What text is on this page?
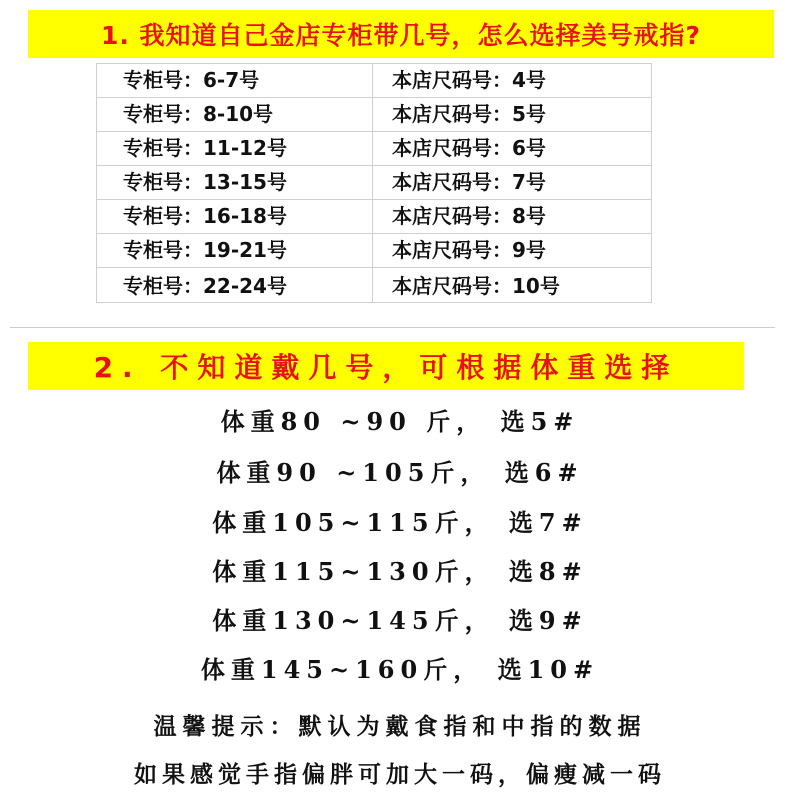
1. 我知道自己金店专柜带几号，怎么选择美号戒指?
专柜号：6-7号	本店尺码号：4号
专柜号：8-10号	本店尺码号：5号
专柜号：11-12号	本店尺码号：6号
专柜号：13-15号	本店尺码号：7号
专柜号：16-18号	本店尺码号：8号
专柜号：19-21号	本店尺码号：9号
专柜号：22-24号	本店尺码号：10号
2. 不知道戴几号，可根据体重选择
体重80 ~90 斤， 选5#
体重90 ~105斤， 选6#
体重105~115斤， 选7#
体重115~130斤， 选8#
体重130~145斤， 选9#
体重145~160斤， 选10#
温馨提示：默认为戴食指和中指的数据
如果感觉手指偏胖可加大一码，偏瘦减一码
